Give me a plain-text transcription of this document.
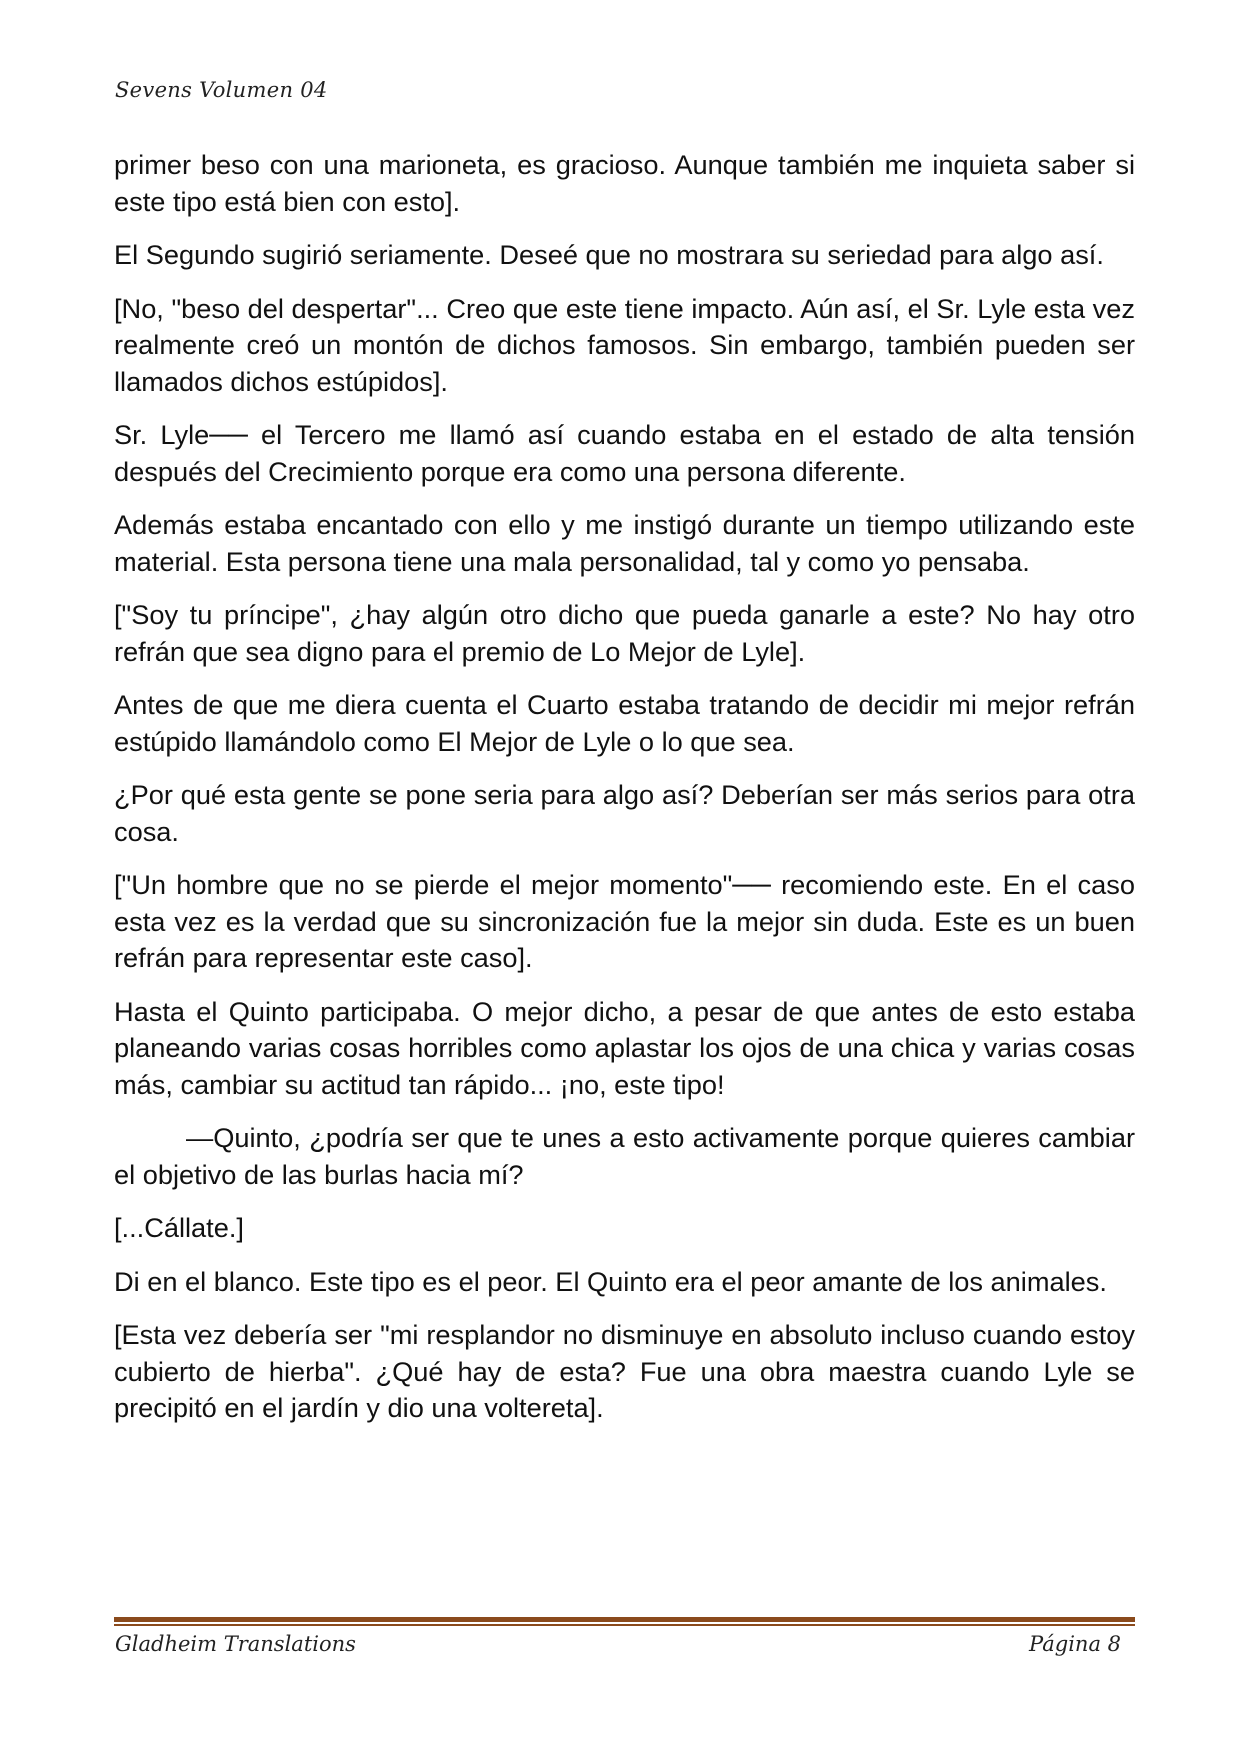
Sevens Volumen 04

primer beso con una marioneta, es gracioso. Aunque también me inquieta saber si este tipo está bien con esto].

El Segundo sugirió seriamente. Deseé que no mostrara su seriedad para algo así.

[No, "beso del despertar"... Creo que este tiene impacto. Aún así, el Sr. Lyle esta vez realmente creó un montón de dichos famosos. Sin embargo, también pueden ser llamados dichos estúpidos].

Sr. Lyle── el Tercero me llamó así cuando estaba en el estado de alta tensión después del Crecimiento porque era como una persona diferente.

Además estaba encantado con ello y me instigó durante un tiempo utilizando este material. Esta persona tiene una mala personalidad, tal y como yo pensaba.

["Soy tu príncipe", ¿hay algún otro dicho que pueda ganarle a este? No hay otro refrán que sea digno para el premio de Lo Mejor de Lyle].

Antes de que me diera cuenta el Cuarto estaba tratando de decidir mi mejor refrán estúpido llamándolo como El Mejor de Lyle o lo que sea.

¿Por qué esta gente se pone seria para algo así? Deberían ser más serios para otra cosa.

["Un hombre que no se pierde el mejor momento"── recomiendo este. En el caso esta vez es la verdad que su sincronización fue la mejor sin duda. Este es un buen refrán para representar este caso].

Hasta el Quinto participaba. O mejor dicho, a pesar de que antes de esto estaba planeando varias cosas horribles como aplastar los ojos de una chica y varias cosas más, cambiar su actitud tan rápido... ¡no, este tipo!

—Quinto, ¿podría ser que te unes a esto activamente porque quieres cambiar el objetivo de las burlas hacia mí?

[...Cállate.]

Di en el blanco. Este tipo es el peor. El Quinto era el peor amante de los animales.

[Esta vez debería ser "mi resplandor no disminuye en absoluto incluso cuando estoy cubierto de hierba". ¿Qué hay de esta? Fue una obra maestra cuando Lyle se precipitó en el jardín y dio una voltereta].

Gladheim Translations	Página 8
